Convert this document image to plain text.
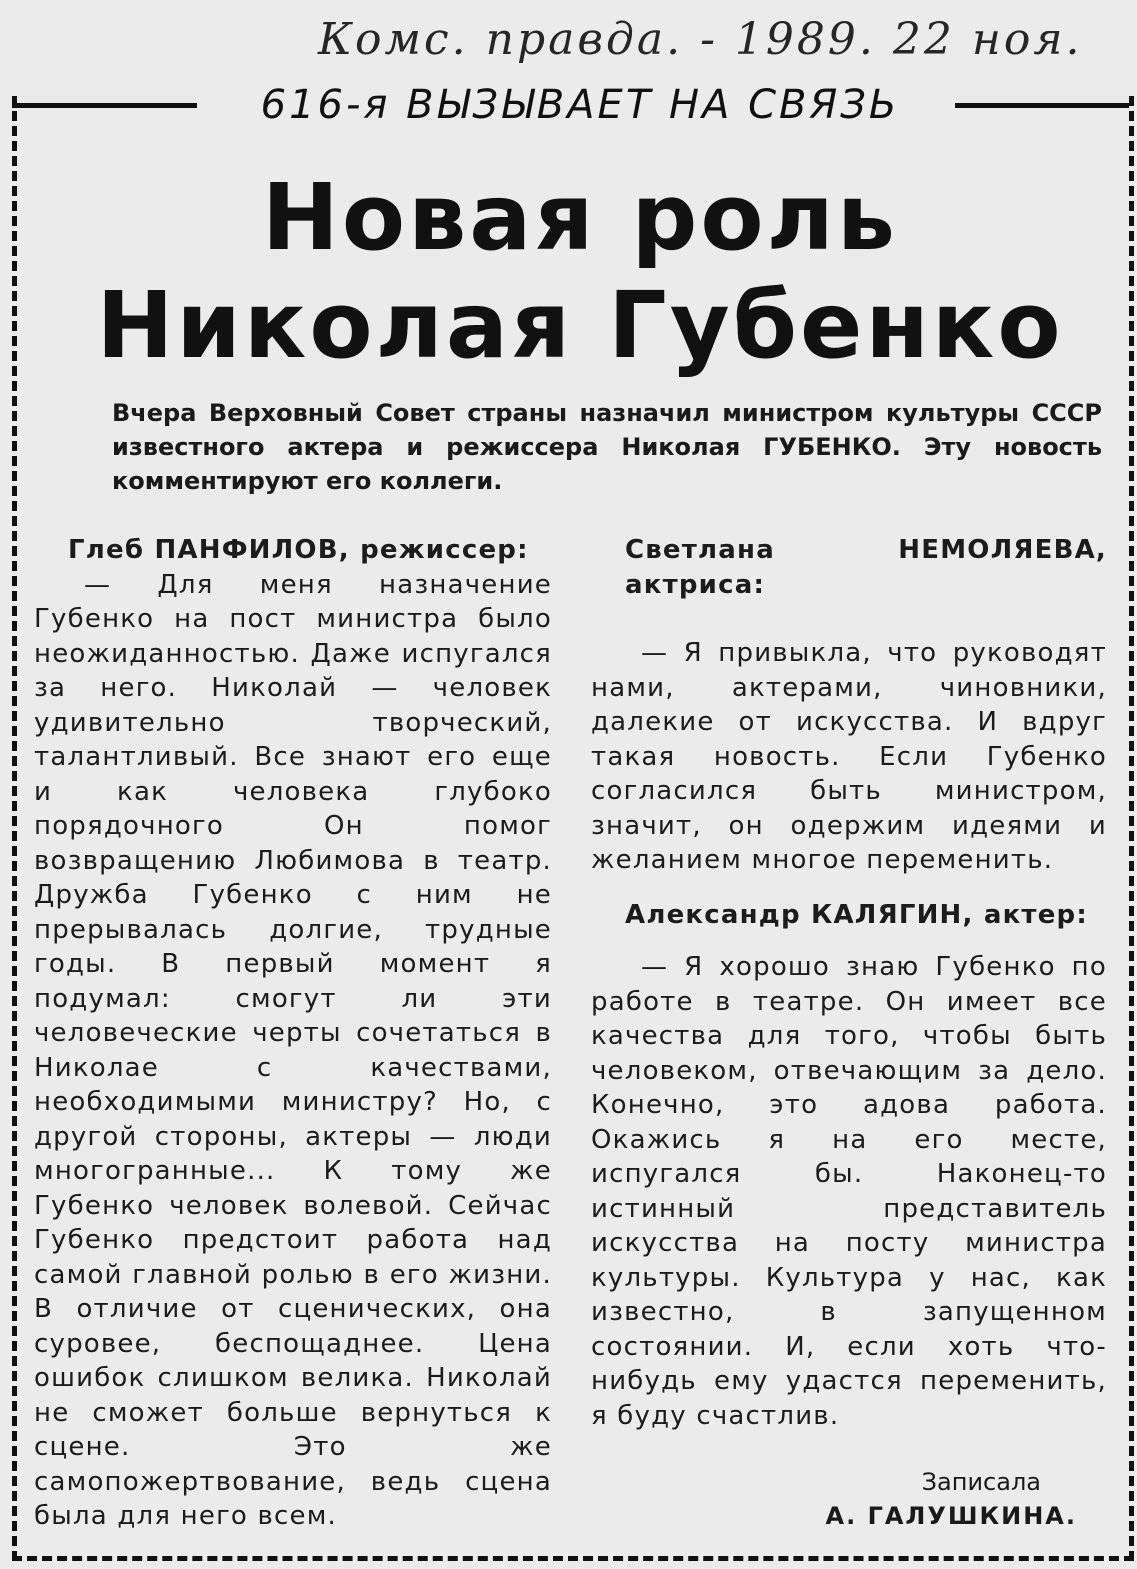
Комс. правда. - 1989. 22 ноя.
616-я ВЫЗЫВАЕТ НА СВЯЗЬ
Новая роль
Николая Губенко
Вчера Верховный Совет страны назначил министром культуры СССР известного актера и режиссера Николая ГУБЕНКО. Эту новость комментируют его коллеги.
Глеб ПАНФИЛОВ, режиссер:

— Для меня назначение Губенко на пост министра было неожиданностью. Даже испугался за него. Николай — человек удивительно творческий, талантливый. Все знают его еще и как человека глубоко порядочного Он помог возвращению Любимова в театр. Дружба Губенко с ним не прерывалась долгие, трудные годы. В первый момент я подумал: смогут ли эти человеческие черты сочетаться в Николае с качествами, необходимыми министру? Но, с другой стороны, актеры — люди многогранные... К тому же Губенко человек волевой. Сейчас Губенко предстоит работа над самой главной ролью в его жизни. В отличие от сценических, она суровее, беспощаднее. Цена ошибок слишком велика. Николай не сможет больше вернуться к сцене. Это же самопожертвование, ведь сцена была для него всем.

Светлана НЕМОЛЯЕВА, актриса:

— Я привыкла, что руководят нами, актерами, чиновники, далекие от искусства. И вдруг такая новость. Если Губенко согласился быть министром, значит, он одержим идеями и желанием многое переменить.

Александр КАЛЯГИН, актер:

— Я хорошо знаю Губенко по работе в театре. Он имеет все качества для того, чтобы быть человеком, отвечающим за дело. Конечно, это адова работа. Окажись я на его месте, испугался бы. Наконец-то истинный представитель искусства на посту министра культуры. Культура у нас, как известно, в запущенном состоянии. И, если хоть что-нибудь ему удастся переменить, я буду счастлив.

Записала
А. ГАЛУШКИНА.
